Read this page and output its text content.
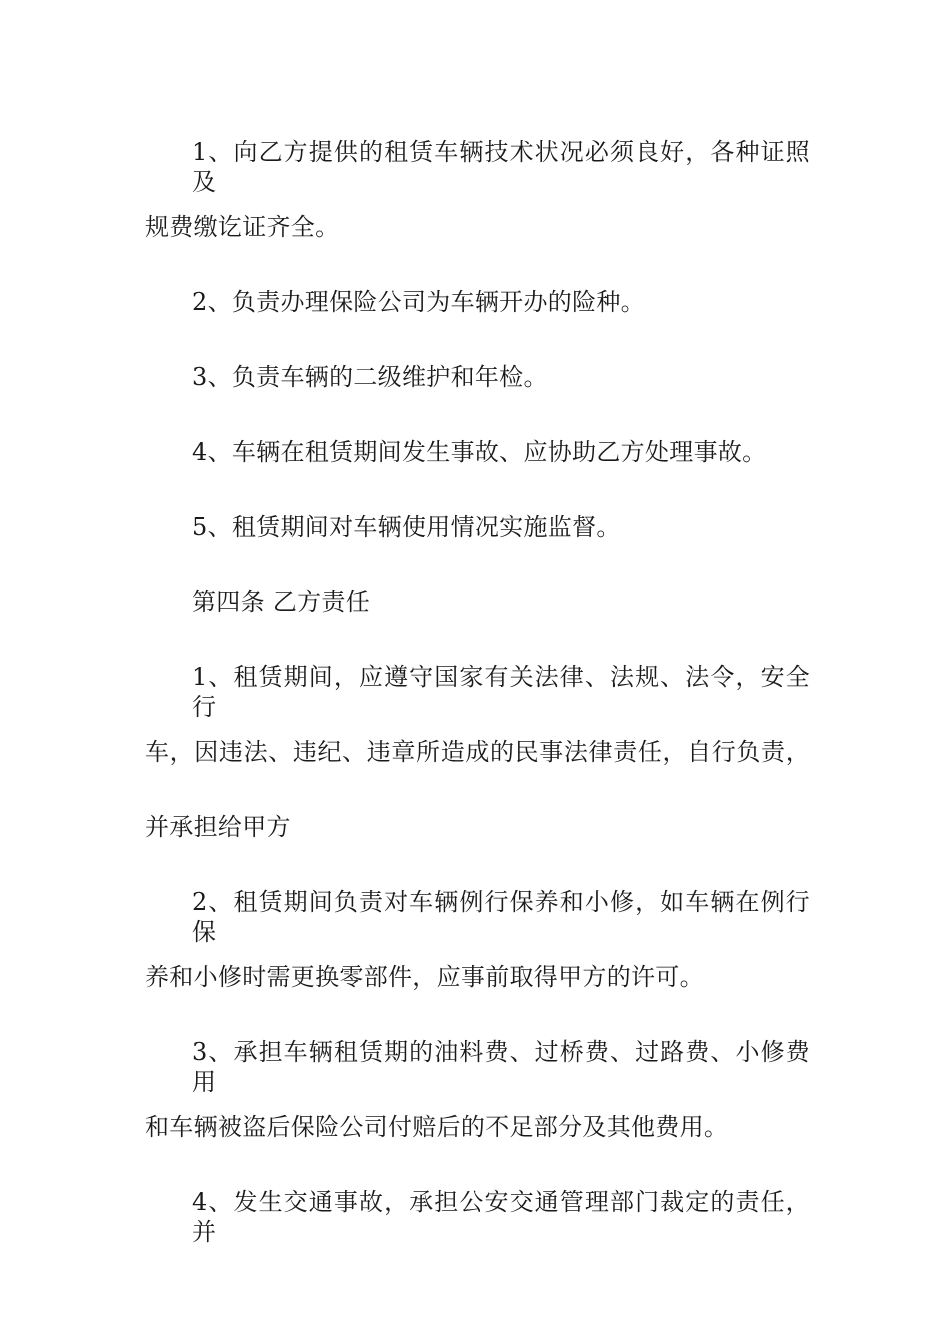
1、向乙方提供的租赁车辆技术状况必须良好，各种证照及
规费缴讫证齐全。
2、负责办理保险公司为车辆开办的险种。
3、负责车辆的二级维护和年检。
4、车辆在租赁期间发生事故、应协助乙方处理事故。
5、租赁期间对车辆使用情况实施监督。
第四条 乙方责任
1、租赁期间，应遵守国家有关法律、法规、法令，安全行
车，因违法、违纪、违章所造成的民事法律责任，自行负责，
并承担给甲方
2、租赁期间负责对车辆例行保养和小修，如车辆在例行保
养和小修时需更换零部件，应事前取得甲方的许可。
3、承担车辆租赁期的油料费、过桥费、过路费、小修费用
和车辆被盗后保险公司付赔后的不足部分及其他费用。
4、发生交通事故，承担公安交通管理部门裁定的责任，并
